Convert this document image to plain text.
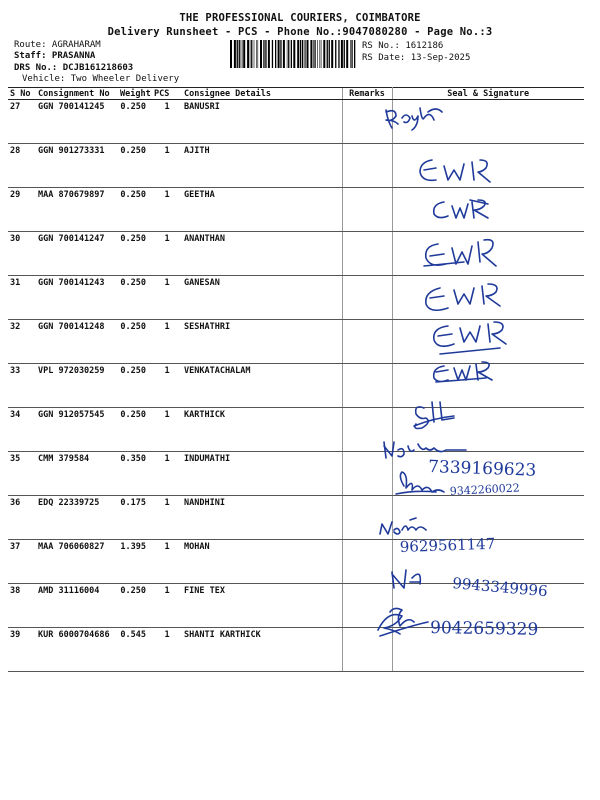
THE PROFESSIONAL COURIERS, COIMBATORE
Delivery Runsheet - PCS - Phone No.:9047080280 - Page No.:3
Route: AGRAHARAM
Staff: PRASANNA
DRS No.: DCJB161218603
Vehicle: Two Wheeler Delivery
RS No.: 1612186
RS Date: 13-Sep-2025
S No	Consignment No	Weight	PCS	Consignee Details	Remarks	Seal & Signature
27	GGN 700141245	0.250	1	BANUSRI		
28	GGN 901273331	0.250	1	AJITH		
29	MAA 870679897	0.250	1	GEETHA		
30	GGN 700141247	0.250	1	ANANTHAN		
31	GGN 700141243	0.250	1	GANESAN		
32	GGN 700141248	0.250	1	SESHATHRI		
33	VPL 972030259	0.250	1	VENKATACHALAM		
34	GGN 912057545	0.250	1	KARTHICK		
35	CMM 379584	0.350	1	INDUMATHI		
36	EDQ 22339725	0.175	1	NANDHINI		
37	MAA 706060827	1.395	1	MOHAN		
38	AMD 31116004	0.250	1	FINE TEX		
39	KUR 6000704686	0.545	1	SHANTI KARTHICK		
7339169623
9342260022
9629561147
9943349996
9042659329
